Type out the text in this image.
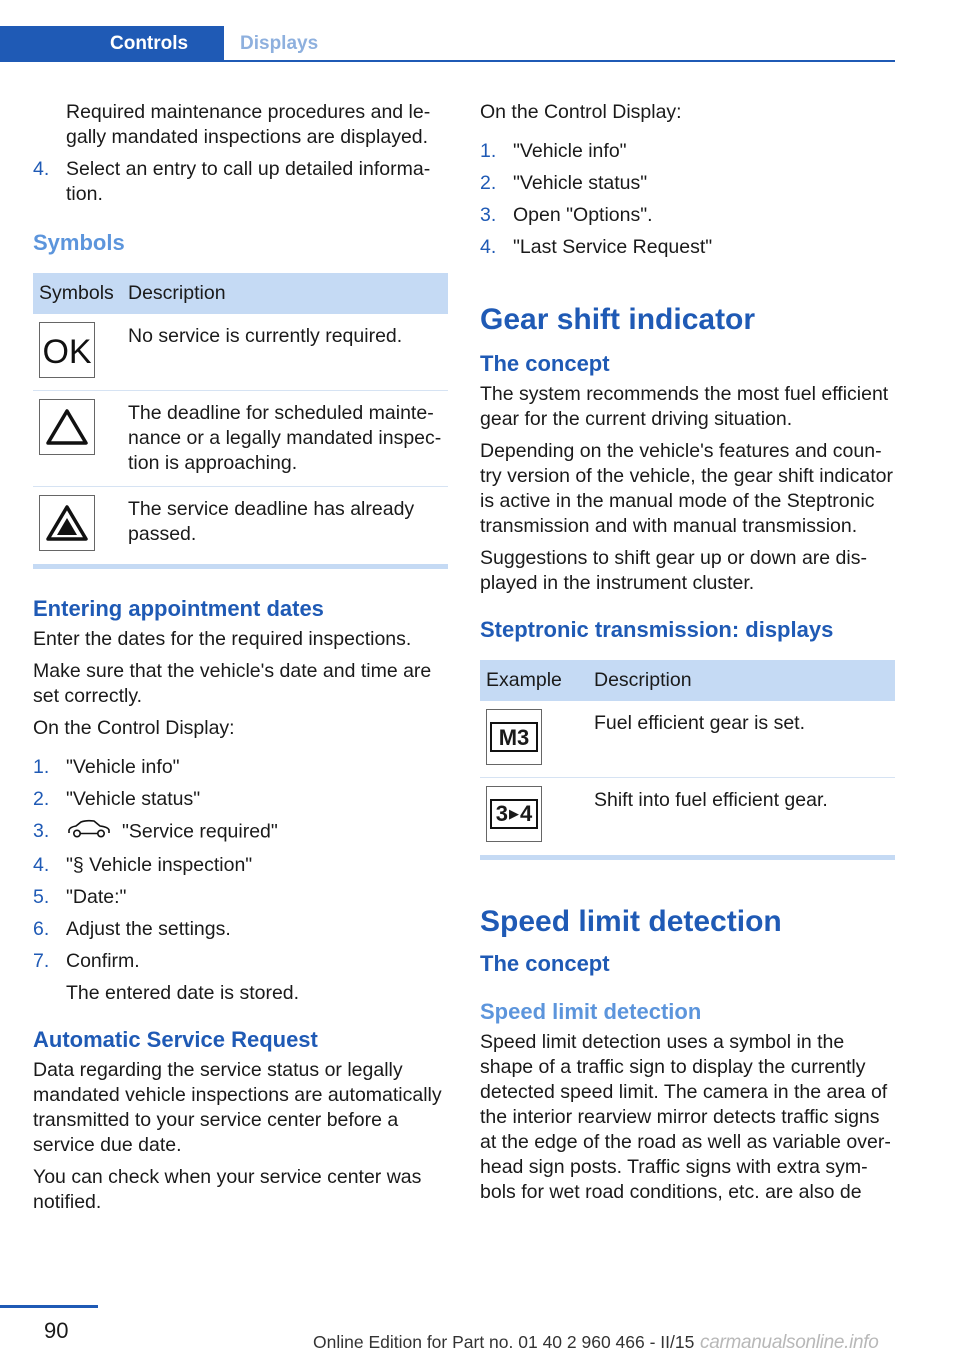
Controls	Displays

Required maintenance procedures and legally mandated inspections are displayed.

4. Select an entry to call up detailed information.
Symbols
Symbols	Description

OK	No service is currently required.

	The deadline for scheduled maintenance or a legally mandated inspection is approaching.

	The service deadline has already passed.

Entering appointment dates

Enter the dates for the required inspections.

Make sure that the vehicle's date and time are set correctly.

On the Control Display:

1. "Vehicle info"
2. "Vehicle status"
3.	"Service required"
4. "§ Vehicle inspection"
5. "Date:"
6. Adjust the settings.
7. Confirm.
The entered date is stored.
Automatic Service Request

Data regarding the service status or legally mandated vehicle inspections are automatically transmitted to your service center before a service due date.

You can check when your service center was notified.

On the Control Display:

1. "Vehicle info"
2. "Vehicle status"
3. Open "Options".
4. "Last Service Request"
Gear shift indicator
The concept

The system recommends the most fuel efficient gear for the current driving situation.

Depending on the vehicle's features and country version of the vehicle, the gear shift indicator is active in the manual mode of the Steptronic transmission and with manual transmission.

Suggestions to shift gear up or down are displayed in the instrument cluster.

Steptronic transmission: displays
Example	Description

M3	Fuel efficient gear is set.

3 ▶ 4	Shift into fuel efficient gear.

Speed limit detection
The concept
Speed limit detection

Speed limit detection uses a symbol in the shape of a traffic sign to display the currently detected speed limit. The camera in the area of the interior rearview mirror detects traffic signs at the edge of the road as well as variable overhead sign posts. Traffic signs with extra symbols for wet road conditions, etc. are also de

90	Online Edition for Part no. 01 40 2 960 466 - II/15 carmanualsonline.info
